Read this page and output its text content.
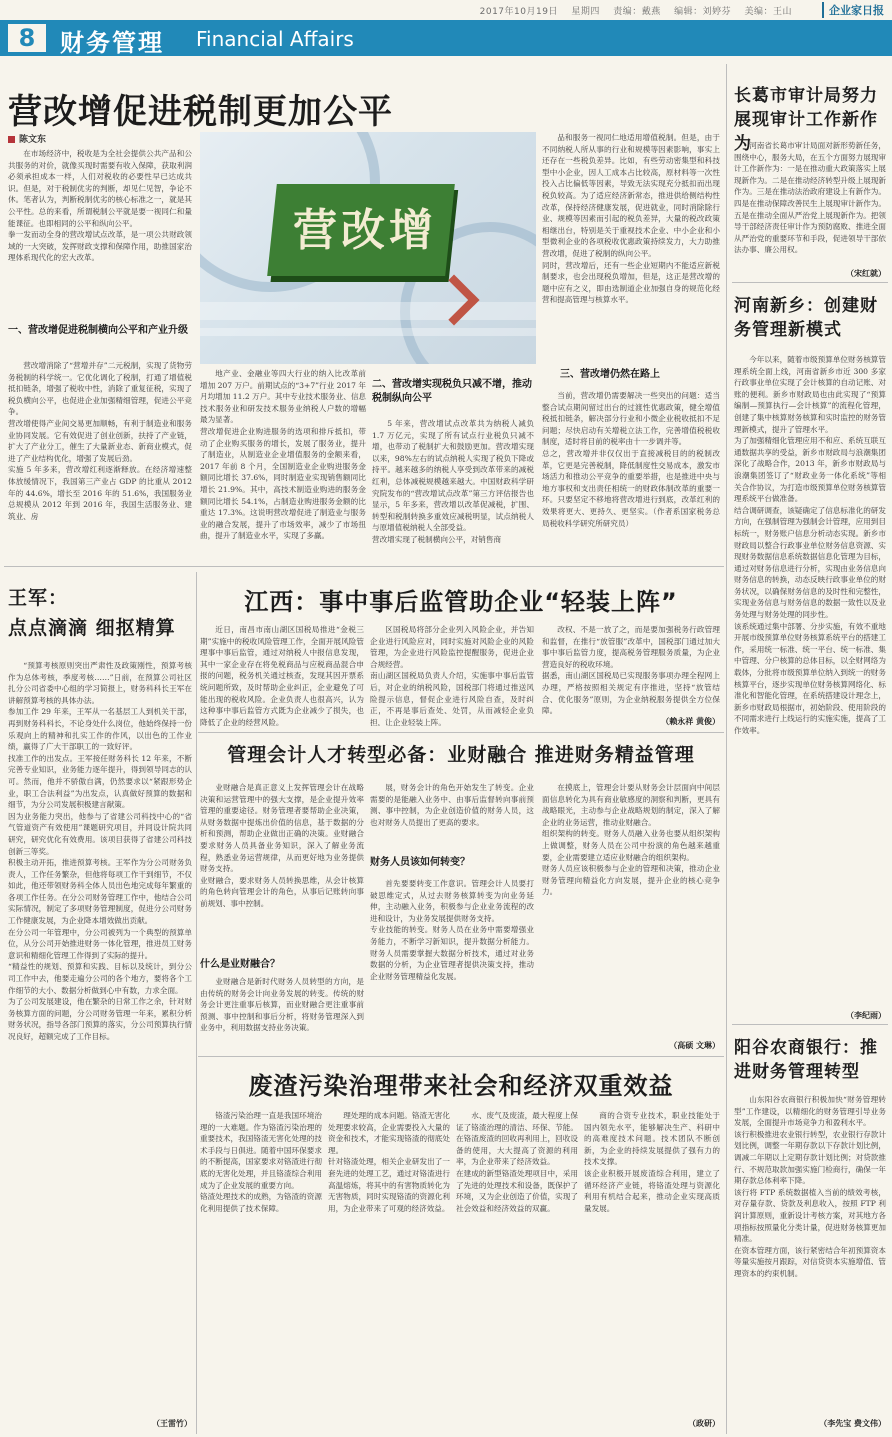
2017年10月19日 星期四 责编：戴燕 编辑：刘婷芬 美编：王山	企业家日报
8	财务管理 Financial Affairs
营改增促进税制更加公平
陈文东
在市场经济中，税收是为全社会提供公共产品和公共服务的对价，就像买现时需要有收入保障，获取利润必须承担成本一样，人们对税收的必要性早已达成共识。但是，对于税制优劣的判断，却见仁见智，争论不休。笔者认为，判断税制优劣的核心标准之一，就是其公平性。总的来看，所谓税制公平就是要一视同仁和量能课征。也即相同的公平和纵向公平。
拳一发而动全身的营改增试点改革，是一项公共财政领域的一大突破，发挥财政支撑和保障作用，助推国家治理体系现代化的宏大改革。
一、营改增促进税制横向公平和产业升级
营改增消除了“营增并存”二元税制，实现了货物劳务税制的科学统一。它优化调化了税制，打通了增值税抵扣链条，增强了税收中性，消除了重复征税，实现了税负横向公平，也促进企业加强精细管理，促进公平竞争。
营改增使得产业间交易更加顺畅，有利于制造业和服务业协同发展。它有效促进了创业创新，扶持了产业链，扩大了产业分工，催生了大量新业态、新商业模式，促进了产业结构优化，增强了发展后劲。
实施 5 年多来，营改增红利逐渐释放。在经济增速整体放缓情况下，我国第三产业占 GDP 的比重从 2012 年的 44.6%，增长至 2016 年的 51.6%，我国服务业总规模从 2012 年到 2016 年，我国生活服务业、建筑业、房
营改增
地产业、金融业等四大行业的纳入比改革前增加 207 万户。前期试点的“3+7”行业 2017 年月均增加 11.2 万户。其中专业技术服务业、信息技术服务业和研发技术服务业纳税人户数的增幅最为显著。
营改增促进企业购进服务的选项和排斥抵扣，带动了企业购买服务的增长，发展了服务业，提升了制造业，从制造业企业增值服务的金额来看，2017 年前 8 个月，全国制造业企业购进服务金额同比增长 37.6%，同时制造业实现销售额同比增长 21.9%。其中，高技术制造业购进的服务金额同比增长 54.1%，占制造业购进服务金额的比重达 17.3%。这说明营改增促进了制造业与服务业的融合发展，提升了市场效率，减少了市场扭曲，提升了制造业水平，实现了多赢。
二、营改增实现税负只减不增，推动税制纵向公平
5 年来，营改增试点改革共为纳税人减负 1.7 万亿元，实现了所有试点行业税负只减不增，也带动了税制扩大和鼓励更加。营改增实现以来，98%左右的试点纳税人实现了税负下降或持平。越来越多的纳税人享受到改革带来的减税红利，总体减税规模越来越大。中国财政科学研究院发布的“营改增试点改革”第三方评估报告也显示，5 年多来，营改增以改革促减税，扩围、转型和税制转换多重效应减税明显，试点纳税人与原增值税纳税人全部受益。
营改增实现了税制横向公平，对销售商
品和服务一视同仁地适用增值税制。但是，由于不同纳税人所从事的行业和规模等因素影响，事实上还存在一些税负差异。比如，有些劳动密集型和科技型中小企业，因人工成本占比较高，原材料等一次性投入占比偏低等因素，导致无法实现充分抵扣而出现税负较高。为了适应经济新常态，推进供给侧结构性改革，保持经济健康发展，促进就业，同时消除除行业、规模等因素而引起的税负差异，大量的税改政策相继出台，特别是关于重视技术企业、中小企业和小型微利企业的各项税收优惠政策持续发力，大力助推营改增，促进了税制的纵向公平。
同时，营改增后，还有一些企业短期内不能适应新税制要求，也会出现税负增加，但是，这正是营改增的题中应有之义，即由选制道企业加强自身的规范化经营和提高管理与核算水平。
三、营改增仍然在路上
当前，营改增仍需要解决一些突出的问题：适当整合试点期间留过出台的过渡性优惠政策，健全增值税抵扣链条，解决部分行业和小微企业税收抵扣不足问题；尽快启动有关增税立法工作，完善增值税税收制度，适时将目前的税率由十一步调并等。
总之，营改增并非仅仅出于直接减税目的的税制改革，它更是完善税制，降低制度性交易成本，激发市场活力和推动公平竞争的重要举措，也是推进中央与地方事权和支出责任相统一的财政体制改革的重要一环。只要坚定不移地将营改增进行到底，改革红利的效果将更大、更持久、更坚实。（作者系国家税务总局税收科学研究所研究员）
长葛市审计局努力展现审计工作新作为
河南省长葛市审计局面对新形势新任务，围绕中心，服务大局，在五个方面努力展现审计工作新作为：一是在推动重大政策落实上展现新作为。二是在推动经济转型升级上展现新作为。三是在推动法治政府建设上有新作为。四是在推动保障改善民生上展现审计新作为。五是在推动全面从严治党上展现新作为。把领导干部经济责任审计作为预防腐败、推进全面从严治党的重要环节和手段，促进领导干部依法办事、廉公用权。
（宋红就）
河南新乡：创建财务管理新模式
今年以来，随着市级预算单位财务核算管理系统全面上线，河南省新乡市近 300 多家行政事业单位实现了会计核算的自动记账、对账的便利。新乡市财政局也由此实现了“预算编制—预算执行—会计核算”的流程化管理，创建了集中核算财务核算和实时监控的财务管理新模式，提升了管理水平。
为了加强精细化管理应用不和应、系统互联互通数据共享的受益，新乡市财政局与浪潮集团深化了战略合作，2013 年，新乡市财政局与浪潮集团签订了“财政业务一体化系统”等相关合作协议，为打造市级预算单位财务核算管理系统平台做准备。
结合调研调查，该疑确定了信息标准化的研发方向，在强制管理为强制会计管理，应用到目标统一，财务账户信息分析动态实现。新乡市财政局以整合行政事业单位财务信息资源、实现财务数据信息系统数据信息化管理为目标，通过对财务信息进行分析，实现由业务信息向财务信息的转换，动态反映行政事业单位的财务状况，以确保财务信息的及时性和完整性，实现业务信息与财务信息的数据一致性以及业务处理与财务处理的同步性。
该系统通过集中部署、分步实施，有效不重地开展市级预算单位财务核算系统平台的搭建工作，采用统一标准、统一平台、统一标准、集中管理、分户核算的总体目标，以全财网络为载体，分批将市级预算单位纳入到统一的财务核算平台，逐步实现单位财务核算网络化、标准化和智能化管理，在系统搭建设计理念上，新乡市财政局根据市，初始阶段、使用阶段的不同需求进行上线运行的实施实施，提高了工作效率。
（李纪雨）
阳谷农商银行：推进财务管理转型
山东阳谷农商银行积极加快“财务管理转型”工作建设，以精细化的财务管理引导业务发展，全面提升市场竞争力和盈利水平。
该行积极推进农业银行转型，农业银行存款计划比例，调整一年期存款以下存款计划比例，调减二年期以上定期存款计划比例；对贷款推行、不规范取款加强实施门检商行，确保一年期存款总体利率下降。
该行将 FTP 系统数据植入当前的绩效考核，对存量存款、贷款及利息收入，按照 FTP 利润计算原则，重新设计考核方案，对其地方各项指标按照量化分类计量，促进财务核算更加精准。
在资本管理方面，该行紧密结合年初预算资本等量实施按月跟踪，对信贷资本实施增值、管理资本的约束机制。
（李先宝 费文伟）
王军：
点点滴滴 细抠精算
“预算考核原则突出严肃性及政策刚性，预算考核作为总体考核，季度考核……”日前，在预算公司社区扎分公司省委中心组的学习简报上，财务科科长王军在讲解预算考核的具体办法。
参加工作 29 年来，王军从一名基层工人到机关干部，再到财务科科长，不论身处什么岗位，他始终保持一份乐观向上的精神和扎实工作的作风，以出色的工作业绩，赢得了广大干部职工的一致好评。
找准工作的出发点。王军接任财务科长 12 年来，不断完善专业知识，业务能力逐年提升，得到领导同志的认可。然而，他并不骄傲自满，仍然要求以“紧跟形势企业，职工合法利益”为出发点，认真做好预算的数据和细节，为分公司发展积极建言献策。
因为业务能力突出，他参与了省建公司科技中心的“省气管道资产有效使用”课题研究项目，并同设计院共同研究，研究优化有效费用。该项目获得了省建公司科技创新三等奖。
积极主动开拓，推进预算考核。王军作为分公司财务负责人，工作任务繁杂，但他将每项工作干到细节，不仅如此，他还带领财务科全体人员出色地完成每年繁重的各项工作任务。在分公司财务管理工作中，他结合公司实际情况，制定了多项财务管理制度，促进分公司财务工作健康发展，为企业降本增效做出贡献。
在分公司一年管理中，分公司被列为一个典型的预算单位，从分公司开始推进财务一体化管理，推进员工财务意识和精细化管理工作得到了实际的提升。
“精益性的规划、预算和实践、目标以及统计，到分公司工作中去，他要走遍分公司的各个地方，要将各个工作细节的大小、数据分析做到心中有数，力求全面。
为了公司发展建设，他在繁杂的日常工作之余，针对财务核算方面的问题，分公司财务管理一年来，累积分析财务状况，指导各部门预算的落实，分公司预算执行情况良好，超额完成了工作目标。
（王雷竹）
江西：事中事后监管助企业“轻装上阵”
近日，南昌市南山湖区国税局推进“金税三期”实施中的税收风险管理工作，全面开展风险管理事中事后监管，通过对纳税人中报信息发现，其中一家企业存在将免税商品与应税商品混合申报的问题，税务机关通过核查，发现其因开票系统问题所致，及时帮助企业纠正，企业避免了可能出现的税收风险。企业负责人也很高兴，认为这种事中事后监管方式既为企业减少了损失，也降低了企业的经营风险。
区国税局将部分企业列入风险企业，并告知企业进行风险应对，同时实施对风险企业的风险管理，为企业进行风险监控提醒服务，促进企业合规经营。
南山湖区国税局负责人介绍，实施事中事后监管后，对企业的纳税风险，国税部门将通过推送风险提示信息，督促企业进行风险自查，及时纠正，不再是事后查处、处罚，从而减轻企业负担，让企业轻装上阵。
改权、不是一放了之，而是要加强税务行政管理和监督，在推行“放管服”改革中，国税部门通过加大事中事后监管力度，提高税务管理服务质量，为企业营造良好的税收环境。
据悉，南山湖区国税局已实现服务事项办理全程网上办理，严格按照相关规定有序推进，坚持“放管结合、优化服务”原则，为企业纳税服务提供全方位保障。
（赖永祥 黄俊）
管理会计人才转型必备：业财融合 推进财务精益管理
业财融合是真正意义上发挥管理会计在战略决策和运营管理中的强大支撑，是企业提升效率管理的重要途径。财务管理者要帮助企业决策，从财务数据中提炼出价值的信息，基于数据的分析和预测，帮助企业做出正确的决策。业财融合要求财务人员具备业务知识，深入了解业务流程，熟悉业务运营规律，从而更好地为业务提供财务支持。
业财融合，要求财务人员转换思维，从会计核算的角色转向管理会计的角色，从事后记账转向事前规划、事中控制。
什么是业财融合？
业财融合是新时代财务人员转型的方向，是由传统的财务会计向业务发展的转变。传统的财务会计更注重事后核算，而业财融合更注重事前预测、事中控制和事后分析，将财务管理深入到业务中，利用数据支持业务决策。
展，财务会计的角色开始发生了转变。企业需要的是能融入业务中、由事后监督转向事前预测、事中控制，为企业创造价值的财务人员，这也对财务人员提出了更高的要求。
财务人员该如何转变？
首先要要转变工作意识。管理会计人员要打破思维定式，从过去财务核算转变为向业务延伸，主动融入业务，积极参与企业业务流程的改进和设计，为业务发展提供财务支持。
专业技能的转变。财务人员在业务中需要增强业务能力，不断学习新知识，提升数据分析能力。财务人员需要掌握大数据分析技术，通过对业务数据的分析，为企业管理者提供决策支持，推动企业财务管理精益化发展。
在摸底上，管理会计要从财务会计层面向中间层面信息转化为具有商业敏感度的洞察和判断，更具有战略眼光，主动参与企业战略规划的制定，深入了解企业的业务运营，推动业财融合。
组织架构的转变。财务人员融入业务也要从组织架构上做调整，财务人员在公司中扮演的角色越来越重要，企业需要建立适应业财融合的组织架构。
财务人员应该积极参与企业的管理和决策，推动企业财务管理向精益化方向发展，提升企业的核心竞争力。
（高硕 文琳）
废渣污染治理带来社会和经济双重效益
铬渣污染治理一直是我国环境治理的一大难题。作为铬渣污染治理的重要技术，我国铬渣无害化处理的技术手段与日俱进。随着中国环保要求的不断提高，国家要求对铬渣进行彻底的无害化处理，并且铬渣综合利用成为了企业发展的重要方向。
铬渣处理技术的成熟，为铬渣的资源化利用提供了技术保障。
理处理的成本问题。铬渣无害化处理要求较高，企业需要投入大量的资金和技术，才能实现铬渣的彻底处理。
针对铬渣处理，相关企业研发出了一套先进的处理工艺，通过对铬渣进行高温熔炼，将其中的有害物质转化为无害物质，同时实现铬渣的资源化利用，为企业带来了可观的经济效益。
水、废气及废渣，最大程度上保证了铬渣治理的清洁、环保、节能。在铬渣废渣的回收再利用上，回收设备的使用，大大提高了资源的利用率，为企业带来了经济效益。
在建成的新型铬渣处理项目中，采用了先进的处理技术和设备，既保护了环境，又为企业创造了价值，实现了社会效益和经济效益的双赢。
商的合资专业技术，职业技能处于国内领先水平，能够解决生产、科研中的高难度技术问题。技术团队不断创新，为企业的持续发展提供了强有力的技术支撑。
该企业积极开展废渣综合利用，建立了循环经济产业链，将铬渣处理与资源化利用有机结合起来，推动企业实现高质量发展。
（政研）
